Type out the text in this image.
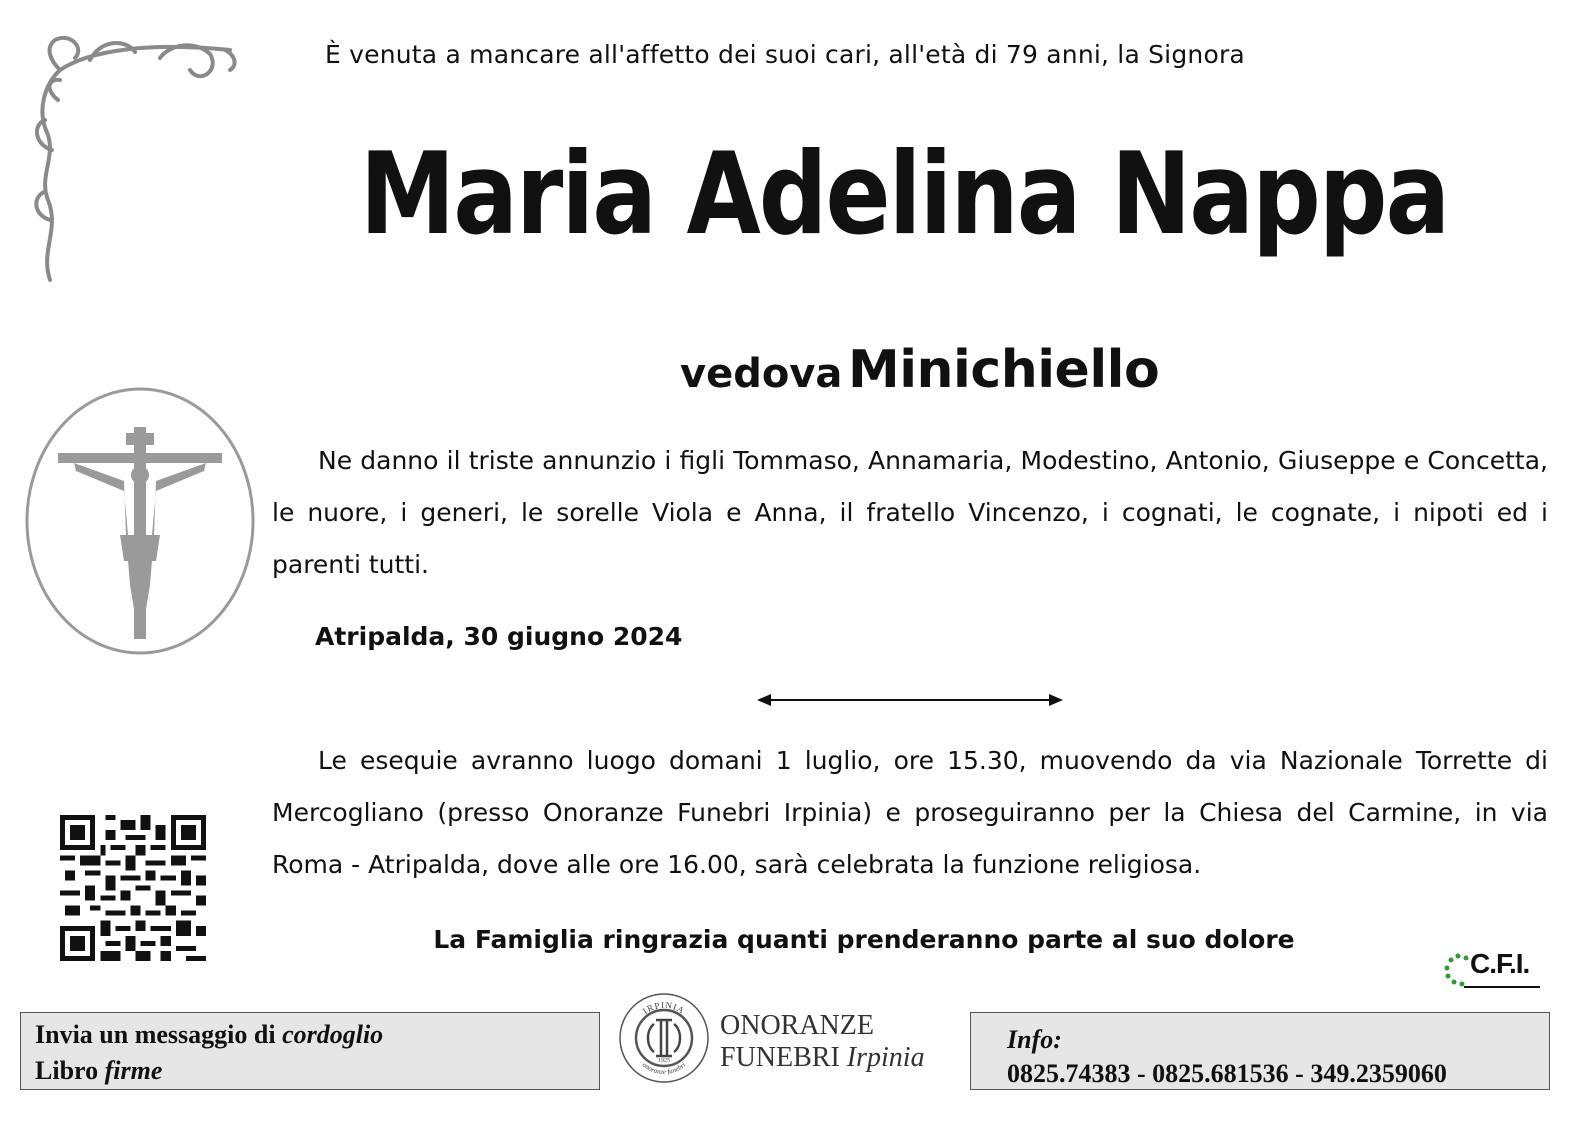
È venuta a mancare all'affetto dei suoi cari, all'età di 79 anni, la Signora
Maria Adelina Nappa
vedova Minichiello
Ne danno il triste annunzio i figli Tommaso, Annamaria, Modestino, Antonio, Giuseppe e Concetta, le nuore, i generi, le sorelle Viola e Anna, il fratello Vincenzo, i cognati, le cognate, i nipoti ed i parenti tutti.
Atripalda, 30 giugno 2024
Le esequie avranno luogo domani 1 luglio, ore 15.30, muovendo da via Nazionale Torrette di Mercogliano (presso Onoranze Funebri Irpinia) e proseguiranno per la Chiesa del Carmine, in via Roma - Atripalda, dove alle ore 16.00, sarà celebrata la funzione religiosa.
La Famiglia ringrazia quanti prenderanno parte al suo dolore
C.F.I.
Invia un messaggio di cordoglio
Libro firme
IRPINIA
onoranze funebri
1925
ONORANZE
FUNEBRI Irpinia
Info:
0825.74383 - 0825.681536 - 349.2359060
